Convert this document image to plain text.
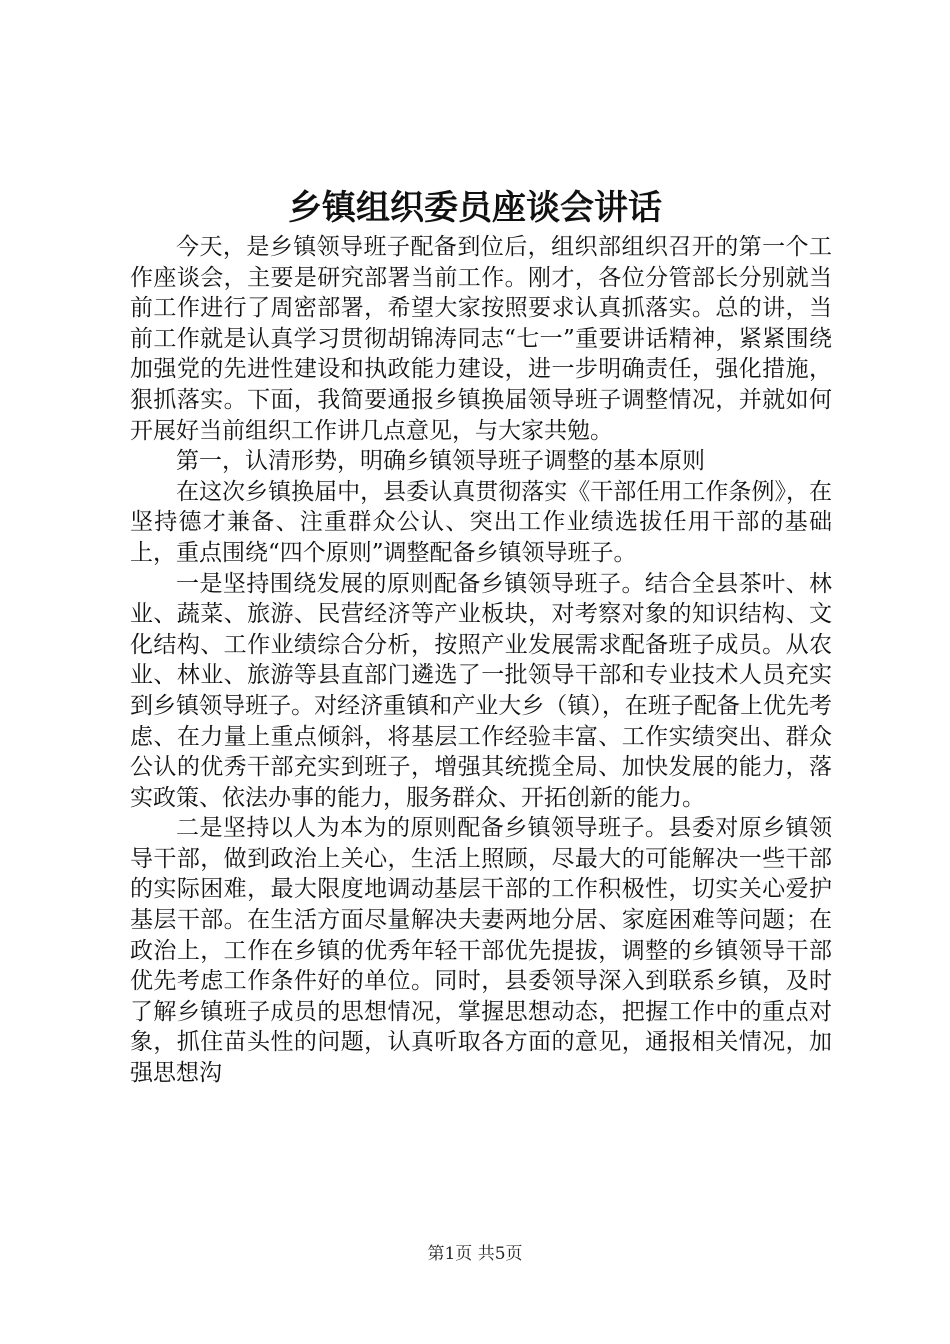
乡镇组织委员座谈会讲话

今天，是乡镇领导班子配备到位后，组织部组织召开的第一个工作座谈会，主要是研究部署当前工作。刚才，各位分管部长分别就当前工作进行了周密部署，希望大家按照要求认真抓落实。总的讲，当前工作就是认真学习贯彻胡锦涛同志“七一”重要讲话精神，紧紧围绕加强党的先进性建设和执政能力建设，进一步明确责任，强化措施，狠抓落实。下面，我简要通报乡镇换届领导班子调整情况，并就如何开展好当前组织工作讲几点意见，与大家共勉。

第一，认清形势，明确乡镇领导班子调整的基本原则

在这次乡镇换届中，县委认真贯彻落实《干部任用工作条例》，在坚持德才兼备、注重群众公认、突出工作业绩选拔任用干部的基础上，重点围绕“四个原则”调整配备乡镇领导班子。

一是坚持围绕发展的原则配备乡镇领导班子。结合全县茶叶、林业、蔬菜、旅游、民营经济等产业板块，对考察对象的知识结构、文化结构、工作业绩综合分析，按照产业发展需求配备班子成员。从农业、林业、旅游等县直部门遴选了一批领导干部和专业技术人员充实到乡镇领导班子。对经济重镇和产业大乡（镇），在班子配备上优先考虑、在力量上重点倾斜，将基层工作经验丰富、工作实绩突出、群众公认的优秀干部充实到班子，增强其统揽全局、加快发展的能力，落实政策、依法办事的能力，服务群众、开拓创新的能力。

二是坚持以人为本为的原则配备乡镇领导班子。县委对原乡镇领导干部，做到政治上关心，生活上照顾，尽最大的可能解决一些干部的实际困难，最大限度地调动基层干部的工作积极性，切实关心爱护基层干部。在生活方面尽量解决夫妻两地分居、家庭困难等问题；在政治上，工作在乡镇的优秀年轻干部优先提拔，调整的乡镇领导干部优先考虑工作条件好的单位。同时，县委领导深入到联系乡镇，及时了解乡镇班子成员的思想情况，掌握思想动态，把握工作中的重点对象，抓住苗头性的问题，认真听取各方面的意见，通报相关情况，加强思想沟

第1页 共5页
